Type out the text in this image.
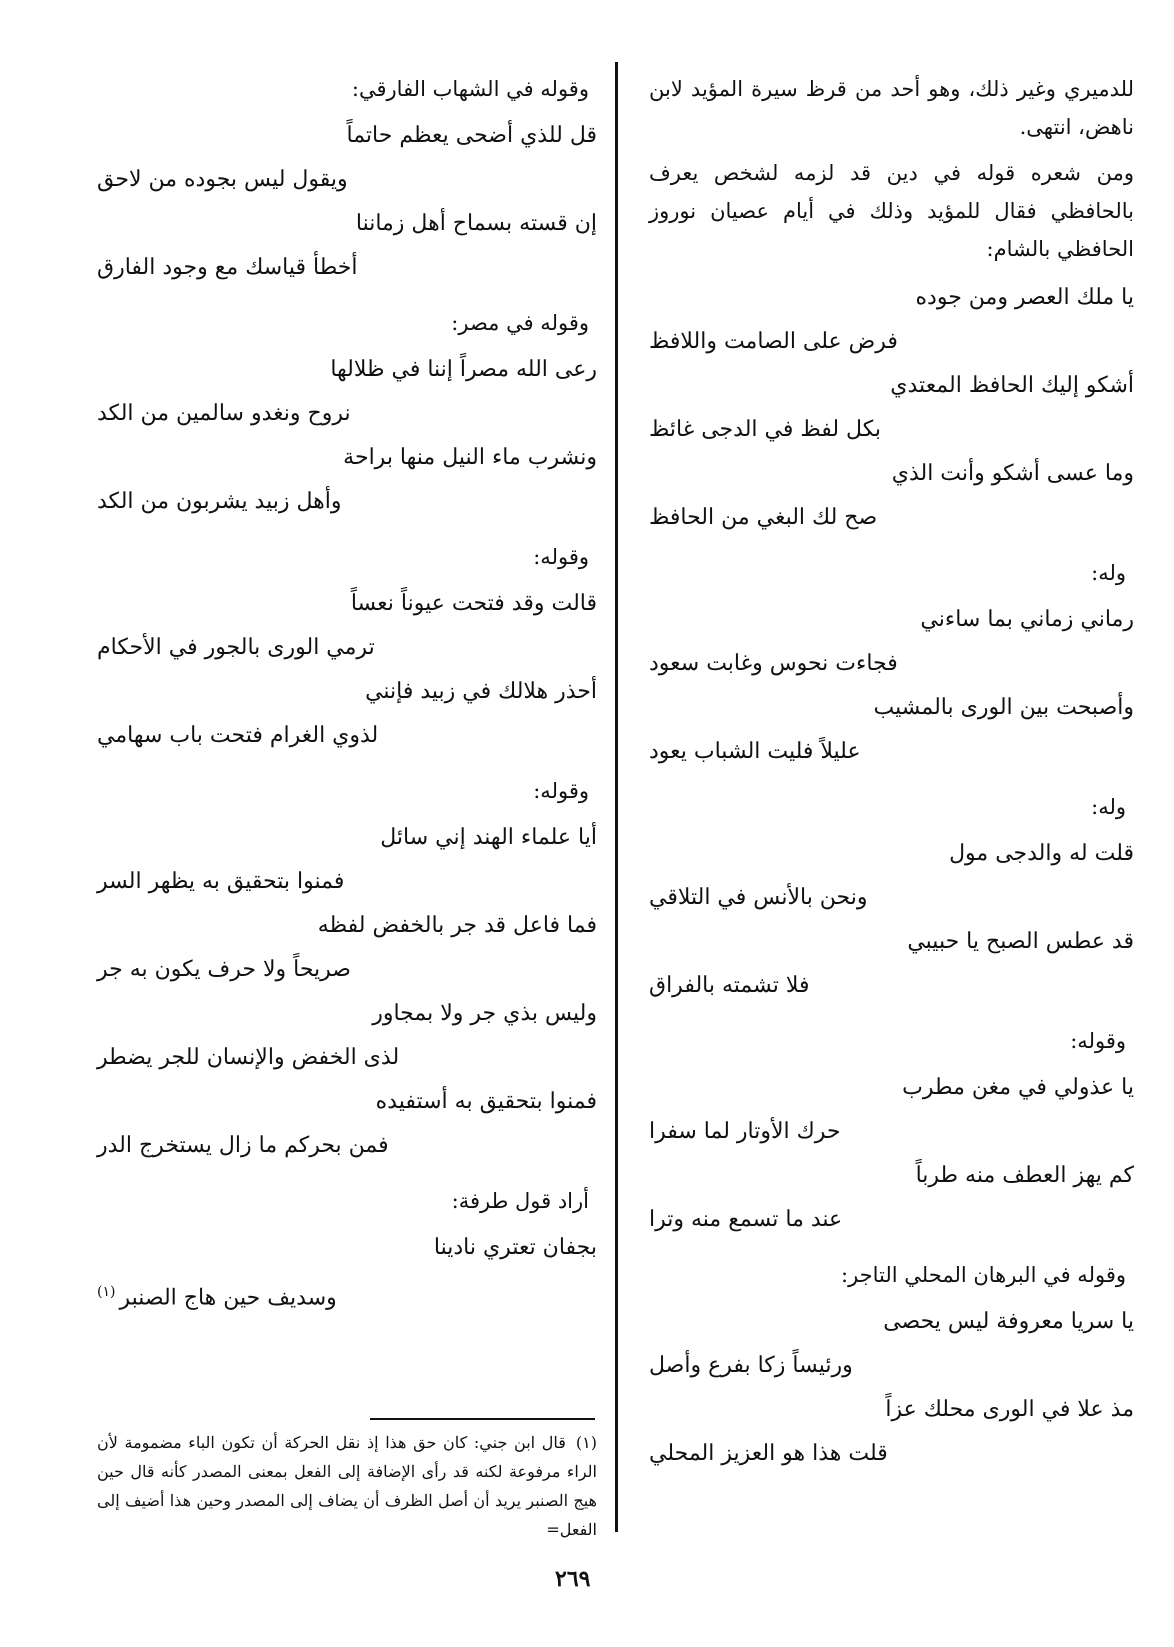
للدميري وغير ذلك، وهو أحد من قرظ سيرة المؤيد لابن ناهض، انتهى.

ومن شعره قوله في دين قد لزمه لشخص يعرف بالحافظي فقال للمؤيد وذلك في أيام عصيان نوروز الحافظي بالشام:

يا ملك العصر ومن جوده
فرض على الصامت واللافظ
أشكو إليك الحافظ المعتدي
بكل لفظ في الدجى غائظ
وما عسى أشكو وأنت الذي
صح لك البغي من الحافظ
وله:
رماني زماني بما ساءني
فجاءت نحوس وغابت سعود
وأصبحت بين الورى بالمشيب
عليلاً فليت الشباب يعود
وله:
قلت له والدجى مول
ونحن بالأنس في التلاقي
قد عطس الصبح يا حبيبي
فلا تشمته بالفراق
وقوله:
يا عذولي في مغن مطرب
حرك الأوتار لما سفرا
كم يهز العطف منه طرباً
عند ما تسمع منه وترا
وقوله في البرهان المحلي التاجر:
يا سريا معروفة ليس يحصى
ورئيساً زكا بفرع وأصل
مذ علا في الورى محلك عزاً
قلت هذا هو العزيز المحلي
وقوله في الشهاب الفارقي:
قل للذي أضحى يعظم حاتماً
ويقول ليس بجوده من لاحق
إن قسته بسماح أهل زماننا
أخطأ قياسك مع وجود الفارق
وقوله في مصر:
رعى الله مصراً إننا في ظلالها
نروح ونغدو سالمين من الكد
ونشرب ماء النيل منها براحة
وأهل زبيد يشربون من الكد
وقوله:
قالت وقد فتحت عيوناً نعساً
ترمي الورى بالجور في الأحكام
أحذر هلالك في زبيد فإنني
لذوي الغرام فتحت باب سهامي
وقوله:
أيا علماء الهند إني سائل
فمنوا بتحقيق به يظهر السر
فما فاعل قد جر بالخفض لفظه
صريحاً ولا حرف يكون به جر
وليس بذي جر ولا بمجاور
لذى الخفض والإنسان للجر يضطر
فمنوا بتحقيق به أستفيده
فمن بحركم ما زال يستخرج الدر
أراد قول طرفة:
بجفان تعتري نادينا
وسديف حين هاج الصنبر$^{(١)}$
(١)قال ابن جني: كان حق هذا إذ نقل الحركة أن تكون الباء مضمومة لأن الراء مرفوعة لكنه قد رأى الإضافة إلى الفعل بمعنى المصدر كأنه قال حين هيج الصنبر يريد أن أصل الظرف أن يضاف إلى المصدر وحين هذا أضيف إلى الفعل=
٢٦٩
